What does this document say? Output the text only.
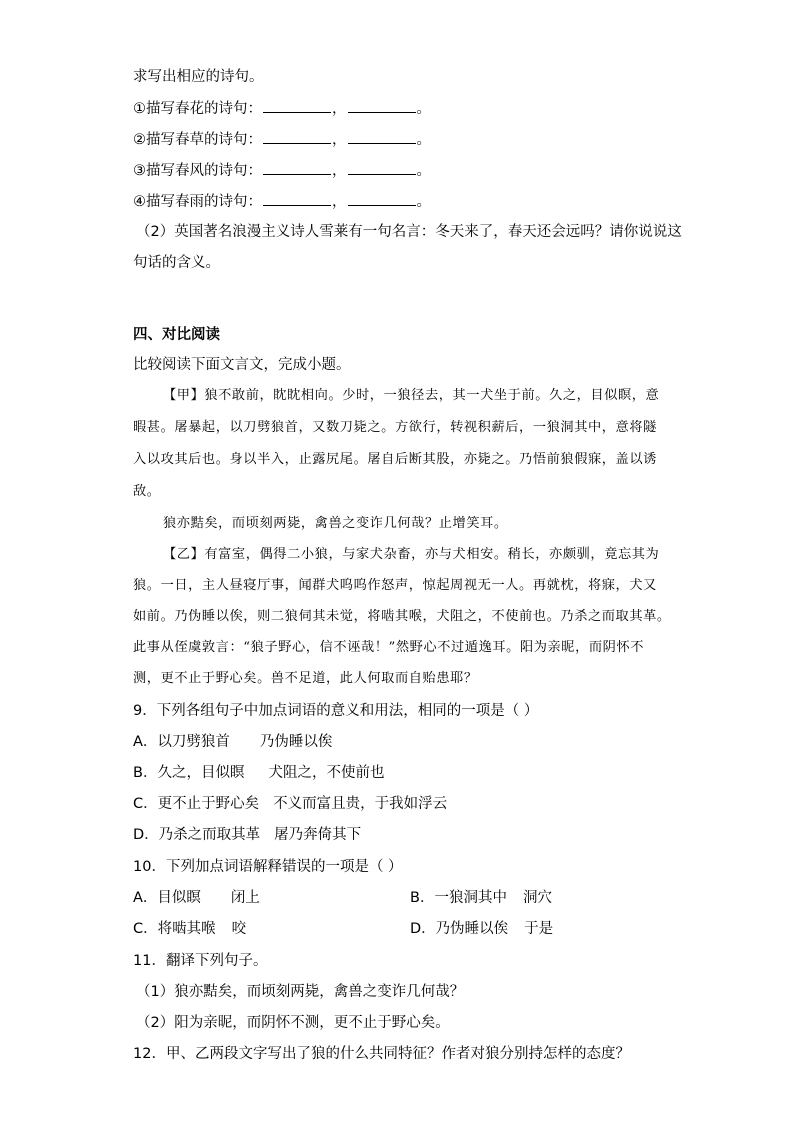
求写出相应的诗句。
①描写春花的诗句：	，	。
②描写春草的诗句：	，	。
③描写春风的诗句：	，	。
④描写春雨的诗句：	，	。
（2）英国著名浪漫主义诗人雪莱有一句名言：冬天来了，春天还会远吗？请你说说这
句话的含义。
四、对比阅读
比较阅读下面文言文，完成小题。
【甲】狼不敢前，眈眈相向。少时，一狼径去，其一犬坐于前。久之，目似瞑，意
暇甚。屠暴起，以刀劈狼首，又数刀毙之。方欲行，转视积薪后，一狼洞其中，意将隧
入以攻其后也。身以半入，止露尻尾。屠自后断其股，亦毙之。乃悟前狼假寐，盖以诱
敌。
狼亦黠矣，而顷刻两毙，禽兽之变诈几何哉？止增笑耳。
【乙】有富室，偶得二小狼，与家犬杂畜，亦与犬相安。稍长，亦颇驯，竟忘其为
狼。一日，主人昼寝厅事，闻群犬呜呜作怒声，惊起周视无一人。再就枕，将寐，犬又
如前。乃伪睡以俟，则二狼伺其未觉，将啮其喉，犬阻之，不使前也。乃杀之而取其革。
此事从侄虞敦言：“狼子野心，信不诬哉！”然野心不过遁逸耳。阳为亲昵，而阴怀不
测，更不止于野心矣。兽不足道，此人何取而自贻患耶？
9．下列各组句子中加点词语的意义和用法，相同的一项是（ ）
A．以刀劈狼首 乃伪睡以俟
B．久之，目似瞑 犬阻之，不使前也
C．更不止于野心矣 不义而富且贵，于我如浮云
D．乃杀之而取其革 屠乃奔倚其下
10．下列加点词语解释错误的一项是（ ）
A．目似瞑 闭上	B．一狼洞其中 洞穴
C．将啮其喉 咬	D．乃伪睡以俟 于是
11．翻译下列句子。
（1）狼亦黠矣，而顷刻两毙，禽兽之变诈几何哉？
（2）阳为亲昵，而阴怀不测，更不止于野心矣。
12．甲、乙两段文字写出了狼的什么共同特征？作者对狼分别持怎样的态度？
